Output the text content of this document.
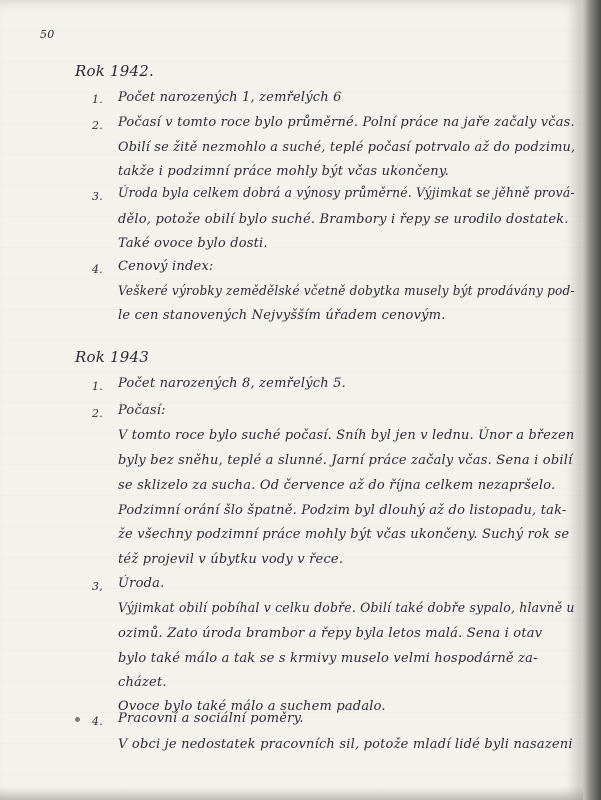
50
Rok 1942.
1. Počet narozených 1, zemřelých 6
2. Počasí v tomto roce bylo průměrné. Polní práce na jaře začaly včas.
Obilí se žitě nezmohlo a suché, teplé počasí potrvalo až do podzimu,
takže i podzimní práce mohly být včas ukončeny.
3. Úroda byla celkem dobrá a výnosy průměrné. Výjimkat se jěhně prová-
dělo, potože obilí bylo suché. Brambory i řepy se urodilo dostatek.
Také ovoce bylo dosti.
4. Cenový index:
Veškeré výrobky zemědělské včetně dobytka musely být prodávány pod-
le cen stanovených Nejvyšším úřadem cenovým.
Rok 1943
1. Počet narozených 8, zemřelých 5.
2. Počasí:
V tomto roce bylo suché počasí. Sníh byl jen v lednu. Únor a březen
byly bez sněhu, teplé a slunné. Jarní práce začaly včas. Sena i obilí
se sklizelo za sucha. Od července až do října celkem nezapršelo.
Podzimní orání šlo špatně. Podzim byl dlouhý až do listopadu, tak-
že všechny podzimní práce mohly být včas ukončeny. Suchý rok se
též projevil v úbytku vody v řece.
3, Úroda.
Výjimkat obilí pobíhal v celku dobře. Obilí také dobře sypalo, hlavně u
ozimů. Zato úroda brambor a řepy byla letos malá. Sena i otav
bylo také málo a tak se s krmivy muselo velmi hospodárně za-
cházet.
Ovoce bylo také málo a suchem padalo.
4. Pracovní a sociální poměry.
V obci je nedostatek pracovních sil, potože mladí lidé byli nasazeni
